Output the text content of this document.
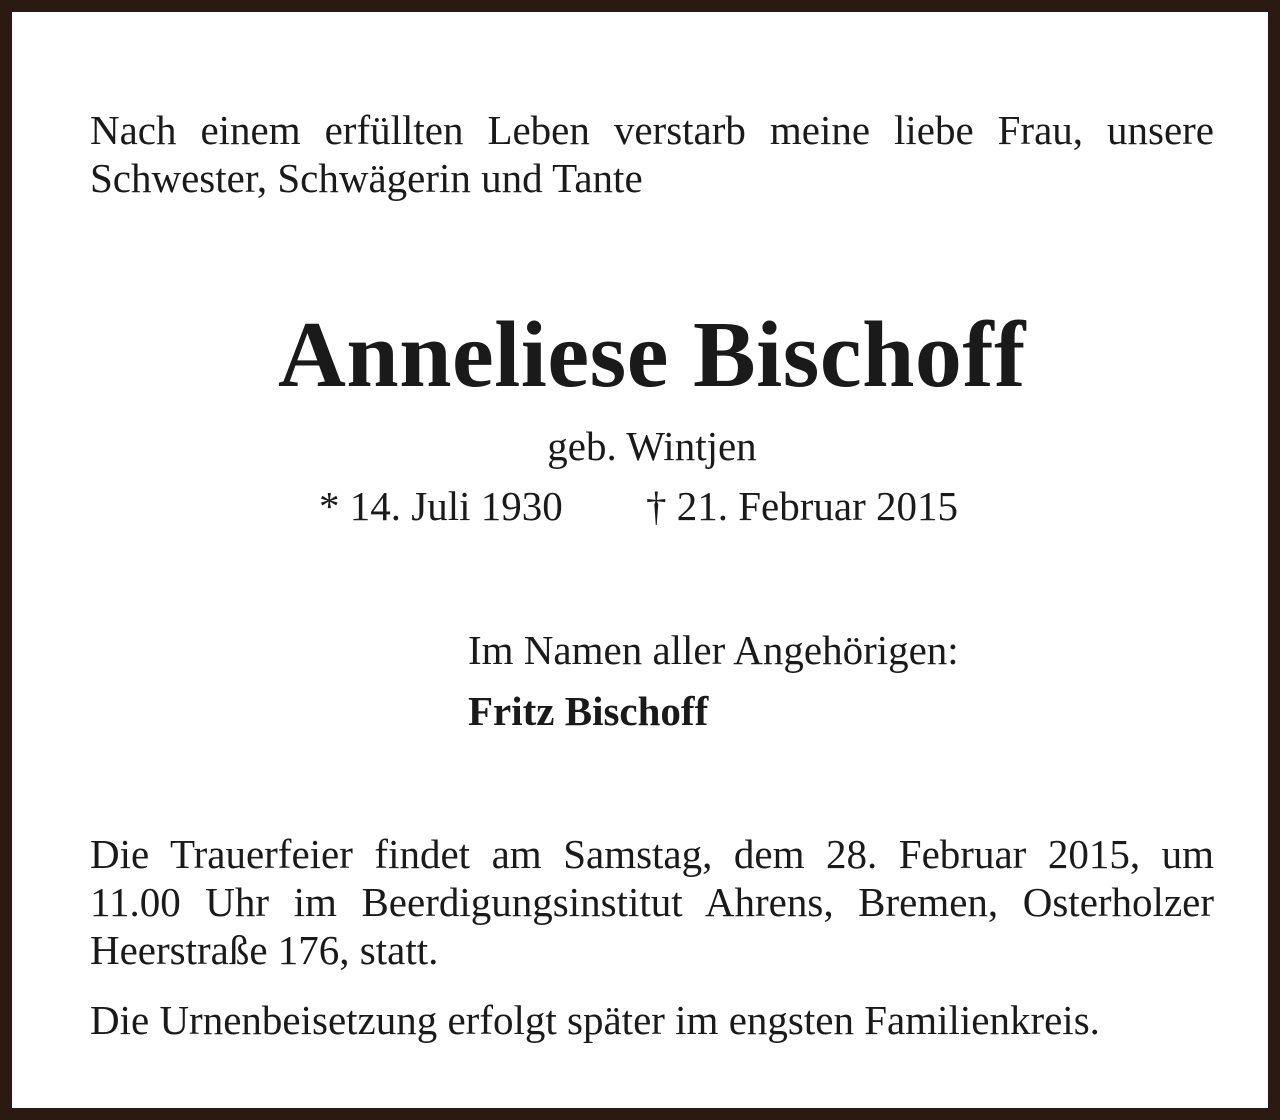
Nach einem erfüllten Leben verstarb meine liebe Frau, unsere
Schwester, Schwägerin und Tante
Anneliese Bischoff
geb. Wintjen
* 14. Juli 1930 † 21. Februar 2015
Im Namen aller Angehörigen:
Fritz Bischoff
Die Trauerfeier findet am Samstag, dem 28. Februar 2015, um
11.00 Uhr im Beerdigungsinstitut Ahrens, Bremen, Osterholzer
Heerstraße 176, statt.
Die Urnenbeisetzung erfolgt später im engsten Familienkreis.
